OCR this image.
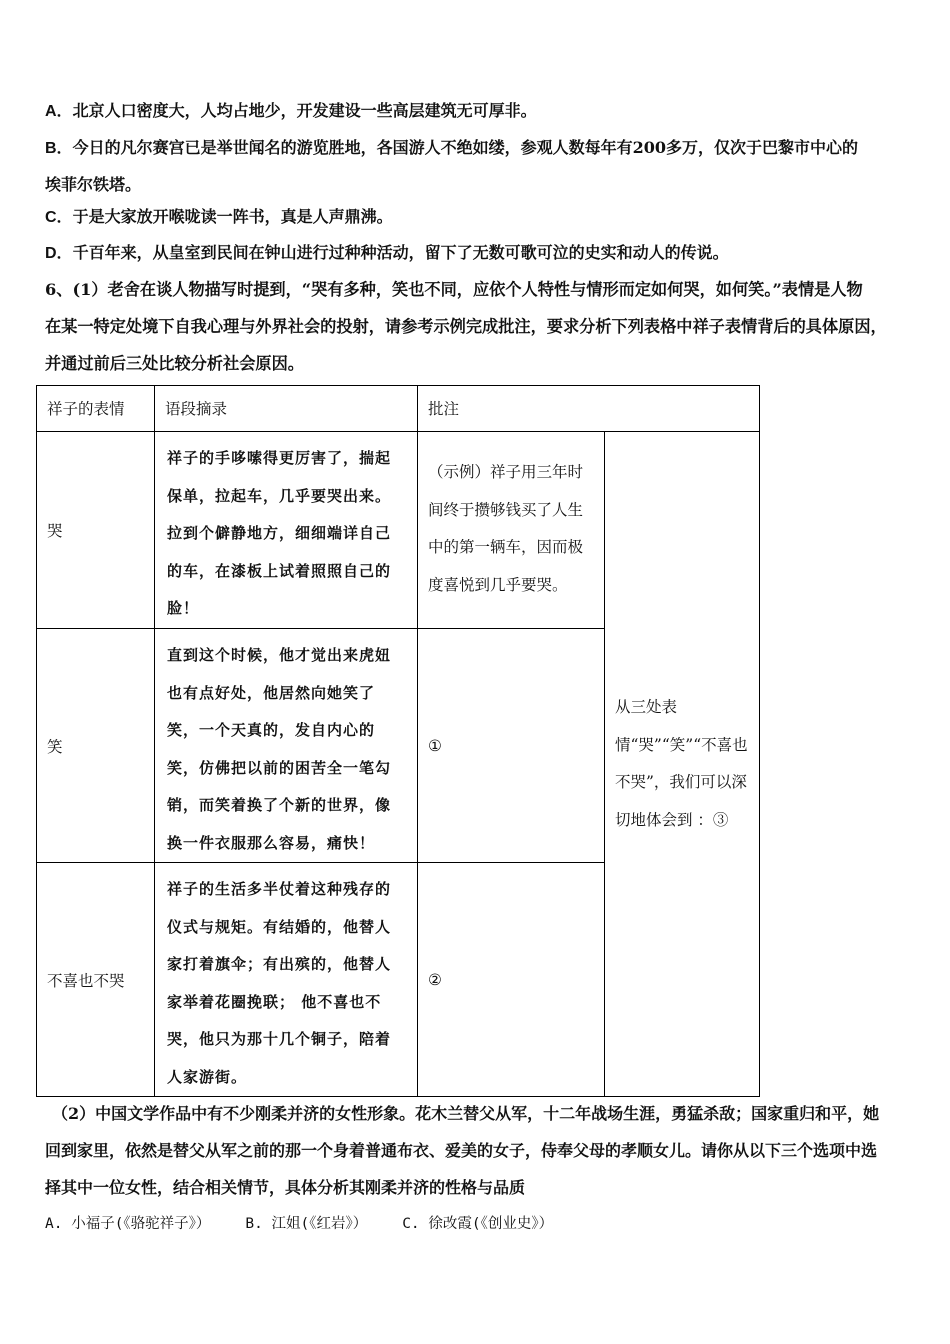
A．北京人口密度大，人均占地少，开发建设一些高层建筑无可厚非。
B．今日的凡尔赛宫已是举世闻名的游览胜地，各国游人不绝如缕，参观人数每年有200多万，仅次于巴黎市中心的
埃菲尔铁塔。
C．于是大家放开喉咙读一阵书，真是人声鼎沸。
D．千百年来，从皇室到民间在钟山进行过种种活动，留下了无数可歌可泣的史实和动人的传说。
6、(1）老舍在谈人物描写时提到，“哭有多种，笑也不同，应依个人特性与情形而定如何哭，如何笑。”表情是人物
在某一特定处境下自我心理与外界社会的投射，请参考示例完成批注，要求分析下列表格中祥子表情背后的具体原因，
并通过前后三处比较分析社会原因。
祥子的表情	语段摘录	批注	

哭	祥子的手哆嗦得更厉害了，揣起保单，拉起车，几乎要哭出来。拉到个僻静地方，细细端详自己的车，在漆板上试着照照自己的脸！	（示例）祥子用三年时间终于攒够钱买了人生中的第一辆车，因而极度喜悦到几乎要哭。	从三处表情“哭”“笑”“不喜也不哭”，我们可以深切地体会到 ：③

笑	直到这个时候，他才觉出来虎妞也有点好处，他居然向她笑了笑，一个天真的，发自内心的笑，仿佛把以前的困苦全一笔勾销，而笑着换了个新的世界，像换一件衣服那么容易，痛快！	①	

不喜也不哭	祥子的生活多半仗着这种残存的仪式与规矩。有结婚的，他替人家打着旗伞；有出殡的，他替人家举着花圈挽联； 他不喜也不哭，他只为那十几个铜子，陪着人家游街。	②	
（2）中国文学作品中有不少刚柔并济的女性形象。花木兰替父从军，十二年战场生涯，勇猛杀敌；国家重归和平，她
回到家里，依然是替父从军之前的那一个身着普通布衣、爱美的女子，侍奉父母的孝顺女儿。请你从以下三个选项中选
择其中一位女性，结合相关情节，具体分析其刚柔并济的性格与品质
A. 小福子(《骆驼祥子》） B. 江姐(《红岩》） C. 徐改霞(《创业史》）
